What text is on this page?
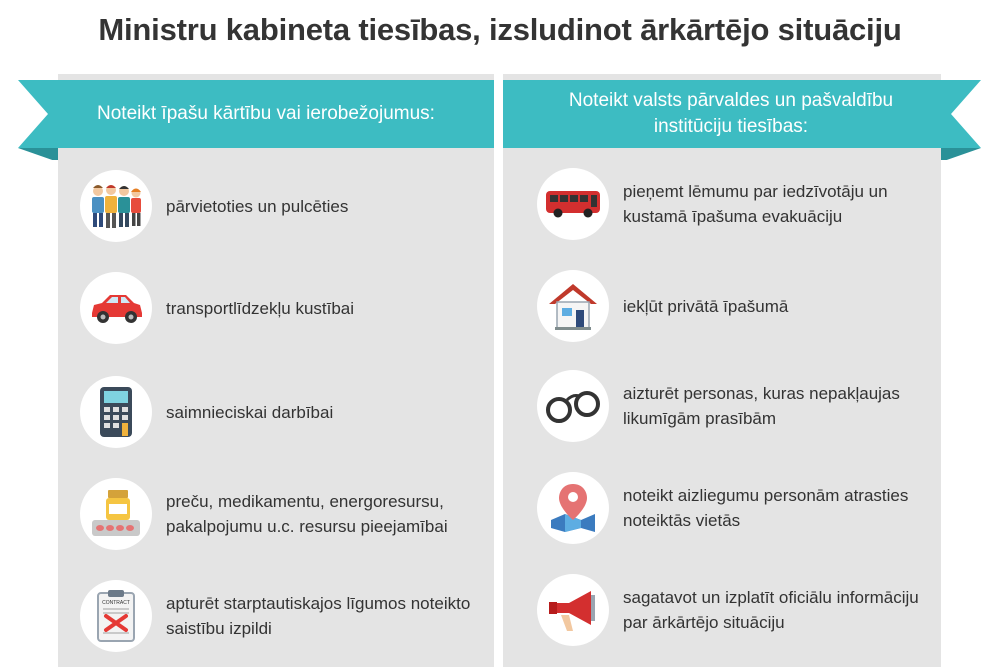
Ministru kabineta tiesības, izsludinot ārkārtējo situāciju
Noteikt īpašu kārtību vai ierobežojumus:
Noteikt valsts pārvaldes un pašvaldību
institūciju tiesības:
pārvietoties un pulcēties
transportlīdzekļu kustībai
saimnieciskai darbībai
preču, medikamentu, energoresursu, pakalpojumu u.c. resursu pieejamībai
CONTRACT apturēt starptautiskajos līgumos noteikto saistību izpildi
pieņemt lēmumu par iedzīvotāju un kustamā īpašuma evakuāciju
iekļūt privātā īpašumā
aizturēt personas, kuras nepakļaujas likumīgām prasībām
noteikt aizliegumu personām atrasties noteiktās vietās
sagatavot un izplatīt oficiālu informāciju par ārkārtējo situāciju
